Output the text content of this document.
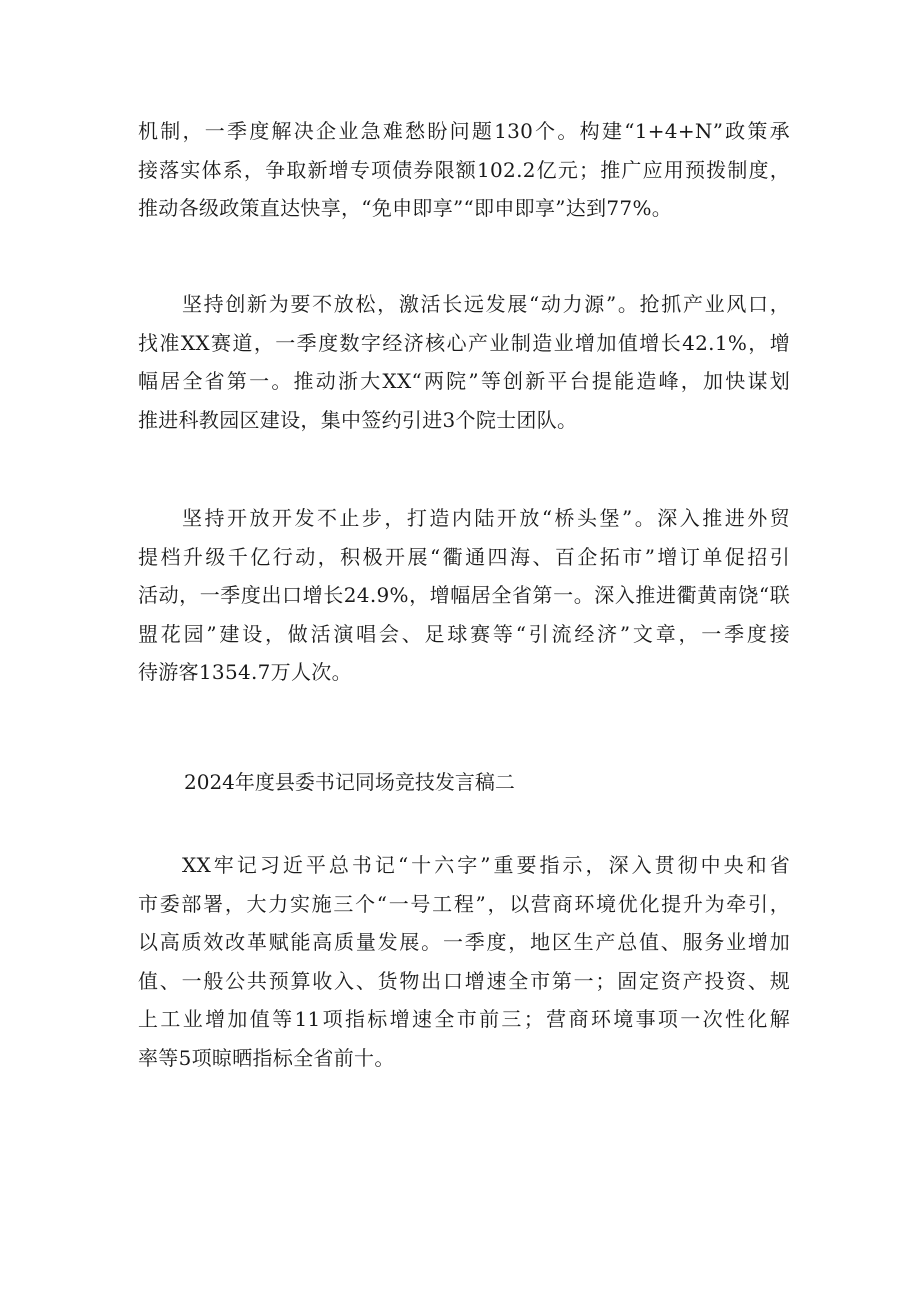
机制，一季度解决企业急难愁盼问题130个。构建“1+4+N”政策承
接落实体系，争取新增专项债券限额102.2亿元；推广应用预拨制度，
推动各级政策直达快享，“免申即享”“即申即享”达到77%。

坚持创新为要不放松，激活长远发展“动力源”。抢抓产业风口，
找准XX赛道，一季度数字经济核心产业制造业增加值增长42.1%，增
幅居全省第一。推动浙大XX“两院”等创新平台提能造峰，加快谋划
推进科教园区建设，集中签约引进3个院士团队。

坚持开放开发不止步，打造内陆开放“桥头堡”。深入推进外贸
提档升级千亿行动，积极开展“衢通四海、百企拓市”增订单促招引
活动，一季度出口增长24.9%，增幅居全省第一。深入推进衢黄南饶“联
盟花园”建设，做活演唱会、足球赛等“引流经济”文章，一季度接
待游客1354.7万人次。

2024年度县委书记同场竞技发言稿二

XX牢记习近平总书记“十六字”重要指示，深入贯彻中央和省
市委部署，大力实施三个“一号工程”，以营商环境优化提升为牵引，
以高质效改革赋能高质量发展。一季度，地区生产总值、服务业增加
值、一般公共预算收入、货物出口增速全市第一；固定资产投资、规
上工业增加值等11项指标增速全市前三；营商环境事项一次性化解
率等5项晾晒指标全省前十。
